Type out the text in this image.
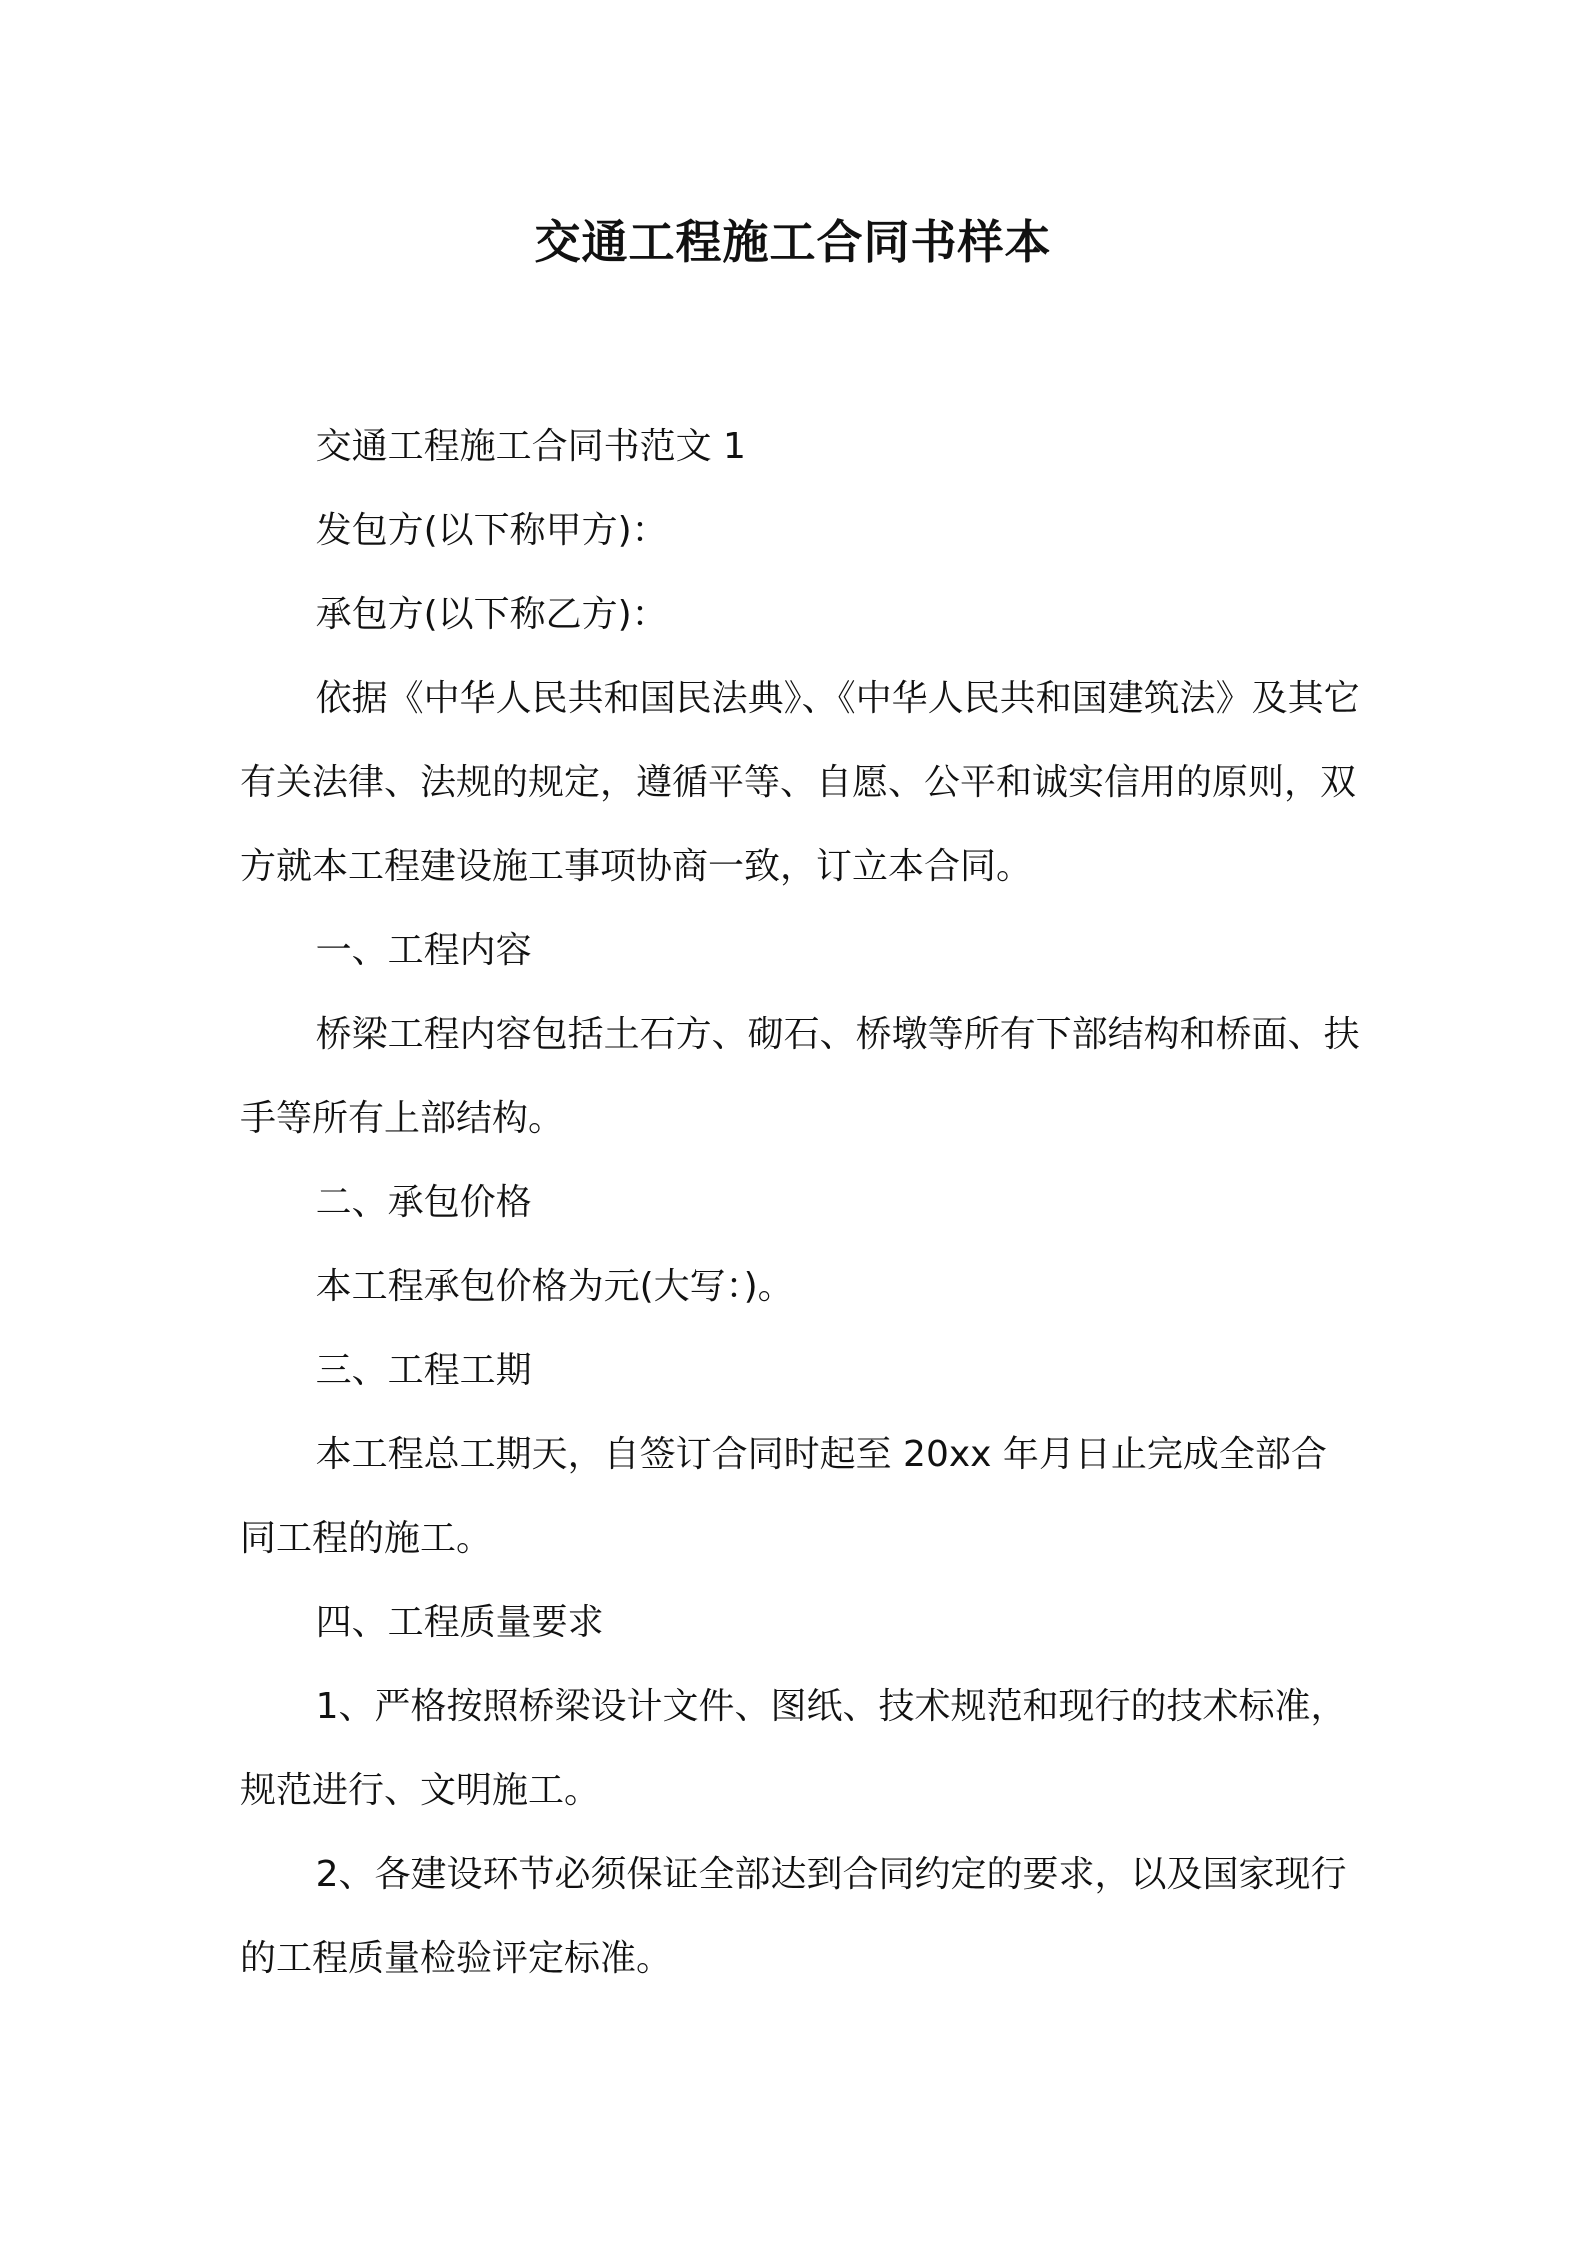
交通工程施工合同书样本

交通工程施工合同书范文 1

发包方(以下称甲方)：

承包方(以下称乙方)：

依据《中华人民共和国民法典》、《中华人民共和国建筑法》及其它有关法律、法规的规定，遵循平等、自愿、公平和诚实信用的原则，双方就本工程建设施工事项协商一致，订立本合同。

一、工程内容

桥梁工程内容包括土石方、砌石、桥墩等所有下部结构和桥面、扶手等所有上部结构。

二、承包价格

本工程承包价格为元(大写：)。

三、工程工期

本工程总工期天，自签订合同时起至 20xx 年月日止完成全部合同工程的施工。

四、工程质量要求

1、严格按照桥梁设计文件、图纸、技术规范和现行的技术标准，规范进行、文明施工。

2、各建设环节必须保证全部达到合同约定的要求，以及国家现行的工程质量检验评定标准。
